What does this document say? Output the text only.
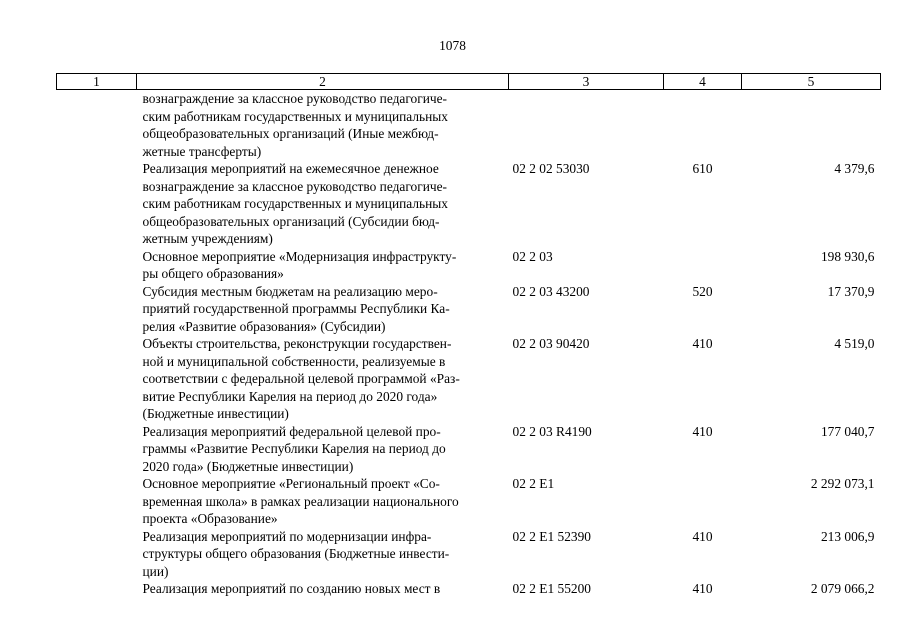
1078
1	2	3	4	5

	вознаграждение за классное руководство педагогиче-
ским работникам государственных и муниципальных
общеобразовательных организаций (Иные межбюд-
жетные трансферты)			

	Реализация мероприятий на ежемесячное денежное
вознаграждение за классное руководство педагогиче-
ским работникам государственных и муниципальных
общеобразовательных организаций (Субсидии бюд-
жетным учреждениям)	02 2 02 53030	610	4 379,6

	Основное мероприятие «Модернизация инфраструкту-
ры общего образования»	02 2 03		198 930,6

	Субсидия местным бюджетам на реализацию меро-
приятий государственной программы Республики Ка-
релия «Развитие образования» (Субсидии)	02 2 03 43200	520	17 370,9

	Объекты строительства, реконструкции государствен-
ной и муниципальной собственности, реализуемые в
соответствии с федеральной целевой программой «Раз-
витие Республики Карелия на период до 2020 года»
(Бюджетные инвестиции)	02 2 03 90420	410	4 519,0

	Реализация мероприятий федеральной целевой про-
граммы «Развитие Республики Карелия на период до
2020 года» (Бюджетные инвестиции)	02 2 03 R4190	410	177 040,7

	Основное мероприятие «Региональный проект «Со-
временная школа» в рамках реализации национального
проекта «Образование»	02 2 E1		2 292 073,1

	Реализация мероприятий по модернизации инфра-
структуры общего образования (Бюджетные инвести-
ции)	02 2 E1 52390	410	213 006,9

	Реализация мероприятий по созданию новых мест в	02 2 E1 55200	410	2 079 066,2
